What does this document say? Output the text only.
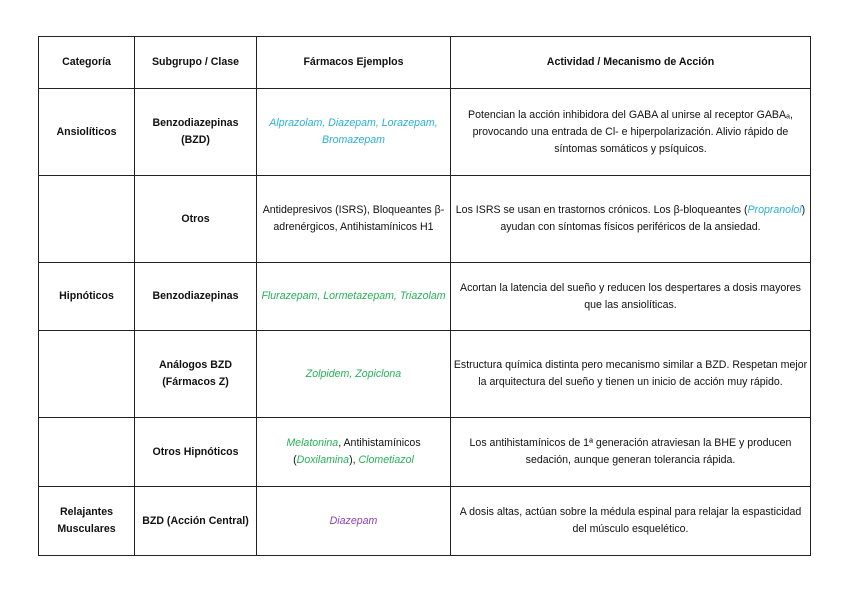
Categoría	Subgrupo / Clase	Fármacos Ejemplos	Actividad / Mecanismo de Acción
Ansiolíticos	Benzodiazepinas (BZD)	Alprazolam, Diazepam, Lorazepam, Bromazepam	Potencian la acción inhibidora del GABA al unirse al receptor GABAₐ, provocando una entrada de Cl- e hiperpolarización. Alivio rápido de síntomas somáticos y psíquicos.
	Otros	Antidepresivos (ISRS), Bloqueantes β-adrenérgicos, Antihistamínicos H1	Los ISRS se usan en trastornos crónicos. Los β-bloqueantes (Propranolol) ayudan con síntomas físicos periféricos de la ansiedad.
Hipnóticos	Benzodiazepinas	Flurazepam, Lormetazepam, Triazolam	Acortan la latencia del sueño y reducen los despertares a dosis mayores que las ansiolíticas.
	Análogos BZD (Fármacos Z)	Zolpidem, Zopiclona	Estructura química distinta pero mecanismo similar a BZD. Respetan mejor la arquitectura del sueño y tienen un inicio de acción muy rápido.
	Otros Hipnóticos	Melatonina, Antihistamínicos (Doxilamina), Clometiazol	Los antihistamínicos de 1ª generación atraviesan la BHE y producen sedación, aunque generan tolerancia rápida.
Relajantes Musculares	BZD (Acción Central)	Diazepam	A dosis altas, actúan sobre la médula espinal para relajar la espasticidad del músculo esquelético.
